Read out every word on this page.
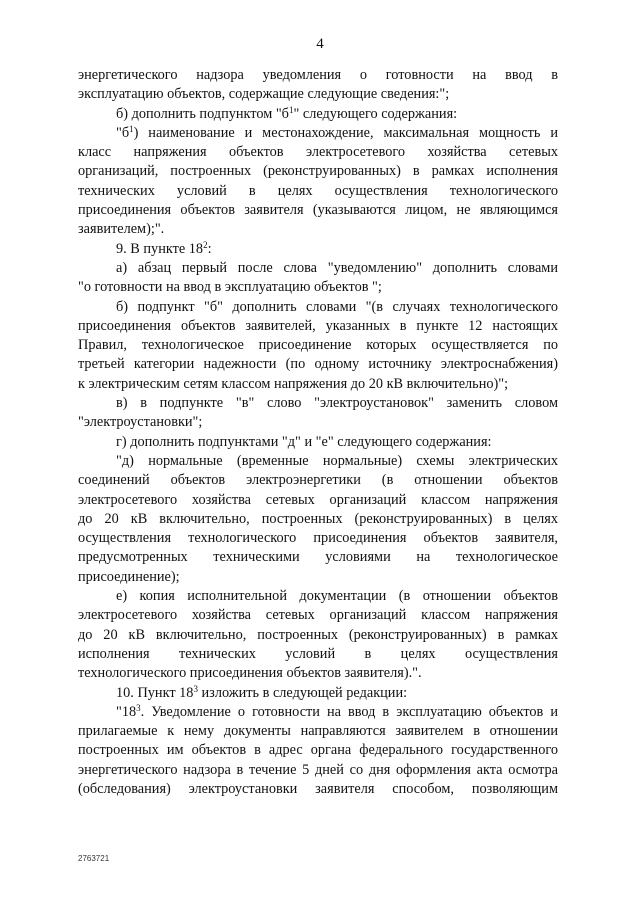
4
энергетического надзора уведомления о готовности на ввод в
эксплуатацию объектов, содержащие следующие сведения:";
б) дополнить подпунктом "$б^1$" следующего содержания:
"$б^1$) наименование и местонахождение, максимальная мощность и
класс напряжения объектов электросетевого хозяйства сетевых
организаций, построенных (реконструированных) в рамках исполнения
технических условий в целях осуществления технологического
присоединения объектов заявителя (указываются лицом, не являющимся
заявителем);".
9. В пункте $18^2$:
а) абзац первый после слова "уведомлению" дополнить словами
"о готовности на ввод в эксплуатацию объектов ";
б) подпункт "б" дополнить словами "(в случаях технологического
присоединения объектов заявителей, указанных в пункте 12 настоящих
Правил, технологическое присоединение которых осуществляется по
третьей категории надежности (по одному источнику электроснабжения)
к электрическим сетям классом напряжения до 20 кВ включительно)";
в) в подпункте "в" слово "электроустановок" заменить словом
"электроустановки";
г) дополнить подпунктами "д" и "е" следующего содержания:
"д) нормальные (временные нормальные) схемы электрических
соединений объектов электроэнергетики (в отношении объектов
электросетевого хозяйства сетевых организаций классом напряжения
до 20 кВ включительно, построенных (реконструированных) в целях
осуществления технологического присоединения объектов заявителя,
предусмотренных техническими условиями на технологическое
присоединение);
е) копия исполнительной документации (в отношении объектов
электросетевого хозяйства сетевых организаций классом напряжения
до 20 кВ включительно, построенных (реконструированных) в рамках
исполнения технических условий в целях осуществления
технологического присоединения объектов заявителя).".
10. Пункт $18^3$ изложить в следующей редакции:
"$18^3$. Уведомление о готовности на ввод в эксплуатацию объектов и
прилагаемые к нему документы направляются заявителем в отношении
построенных им объектов в адрес органа федерального государственного
энергетического надзора в течение 5 дней со дня оформления акта осмотра
(обследования) электроустановки заявителя способом, позволяющим
2763721
